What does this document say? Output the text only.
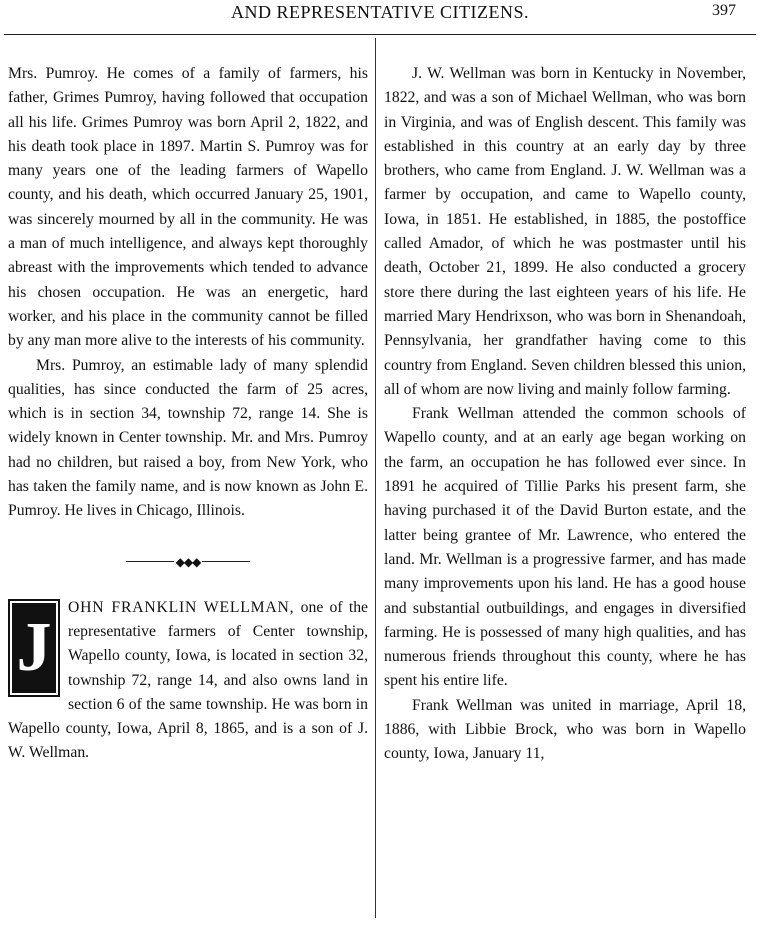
AND REPRESENTATIVE CITIZENS.	397

Mrs. Pumroy. He comes of a family of farmers, his father, Grimes Pumroy, having followed that occupation all his life. Grimes Pumroy was born April 2, 1822, and his death took place in 1897. Martin S. Pumroy was for many years one of the leading farmers of Wapello county, and his death, which occurred January 25, 1901, was sincerely mourned by all in the community. He was a man of much intelligence, and always kept thoroughly abreast with the improvements which tended to advance his chosen occupation. He was an energetic, hard worker, and his place in the community cannot be filled by any man more alive to the interests of his community.

Mrs. Pumroy, an estimable lady of many splendid qualities, has since conducted the farm of 25 acres, which is in section 34, township 72, range 14. She is widely known in Center township. Mr. and Mrs. Pumroy had no children, but raised a boy, from New York, who has taken the family name, and is now known as John E. Pumroy. He lives in Chicago, Illinois.

◆◆◆
J
OHN FRANKLIN WELLMAN, one of the representative farmers of Center township, Wapello county, Iowa, is located in section 32, township 72, range 14, and also owns land in section 6 of the same township. He was born in Wapello county, Iowa, April 8, 1865, and is a son of J. W. Wellman.

J. W. Wellman was born in Kentucky in November, 1822, and was a son of Michael Wellman, who was born in Virginia, and was of English descent. This family was established in this country at an early day by three brothers, who came from England. J. W. Wellman was a farmer by occupation, and came to Wapello county, Iowa, in 1851. He established, in 1885, the postoffice called Amador, of which he was postmaster until his death, October 21, 1899. He also conducted a grocery store there during the last eighteen years of his life. He married Mary Hendrixson, who was born in Shenandoah, Pennsylvania, her grandfather having come to this country from England. Seven children blessed this union, all of whom are now living and mainly follow farming.

Frank Wellman attended the common schools of Wapello county, and at an early age began working on the farm, an occupation he has followed ever since. In 1891 he acquired of Tillie Parks his present farm, she having purchased it of the David Burton estate, and the latter being grantee of Mr. Lawrence, who entered the land. Mr. Wellman is a progressive farmer, and has made many improvements upon his land. He has a good house and substantial outbuildings, and engages in diversified farming. He is possessed of many high qualities, and has numerous friends throughout this county, where he has spent his entire life.

Frank Wellman was united in marriage, April 18, 1886, with Libbie Brock, who was born in Wapello county, Iowa, January 11,
